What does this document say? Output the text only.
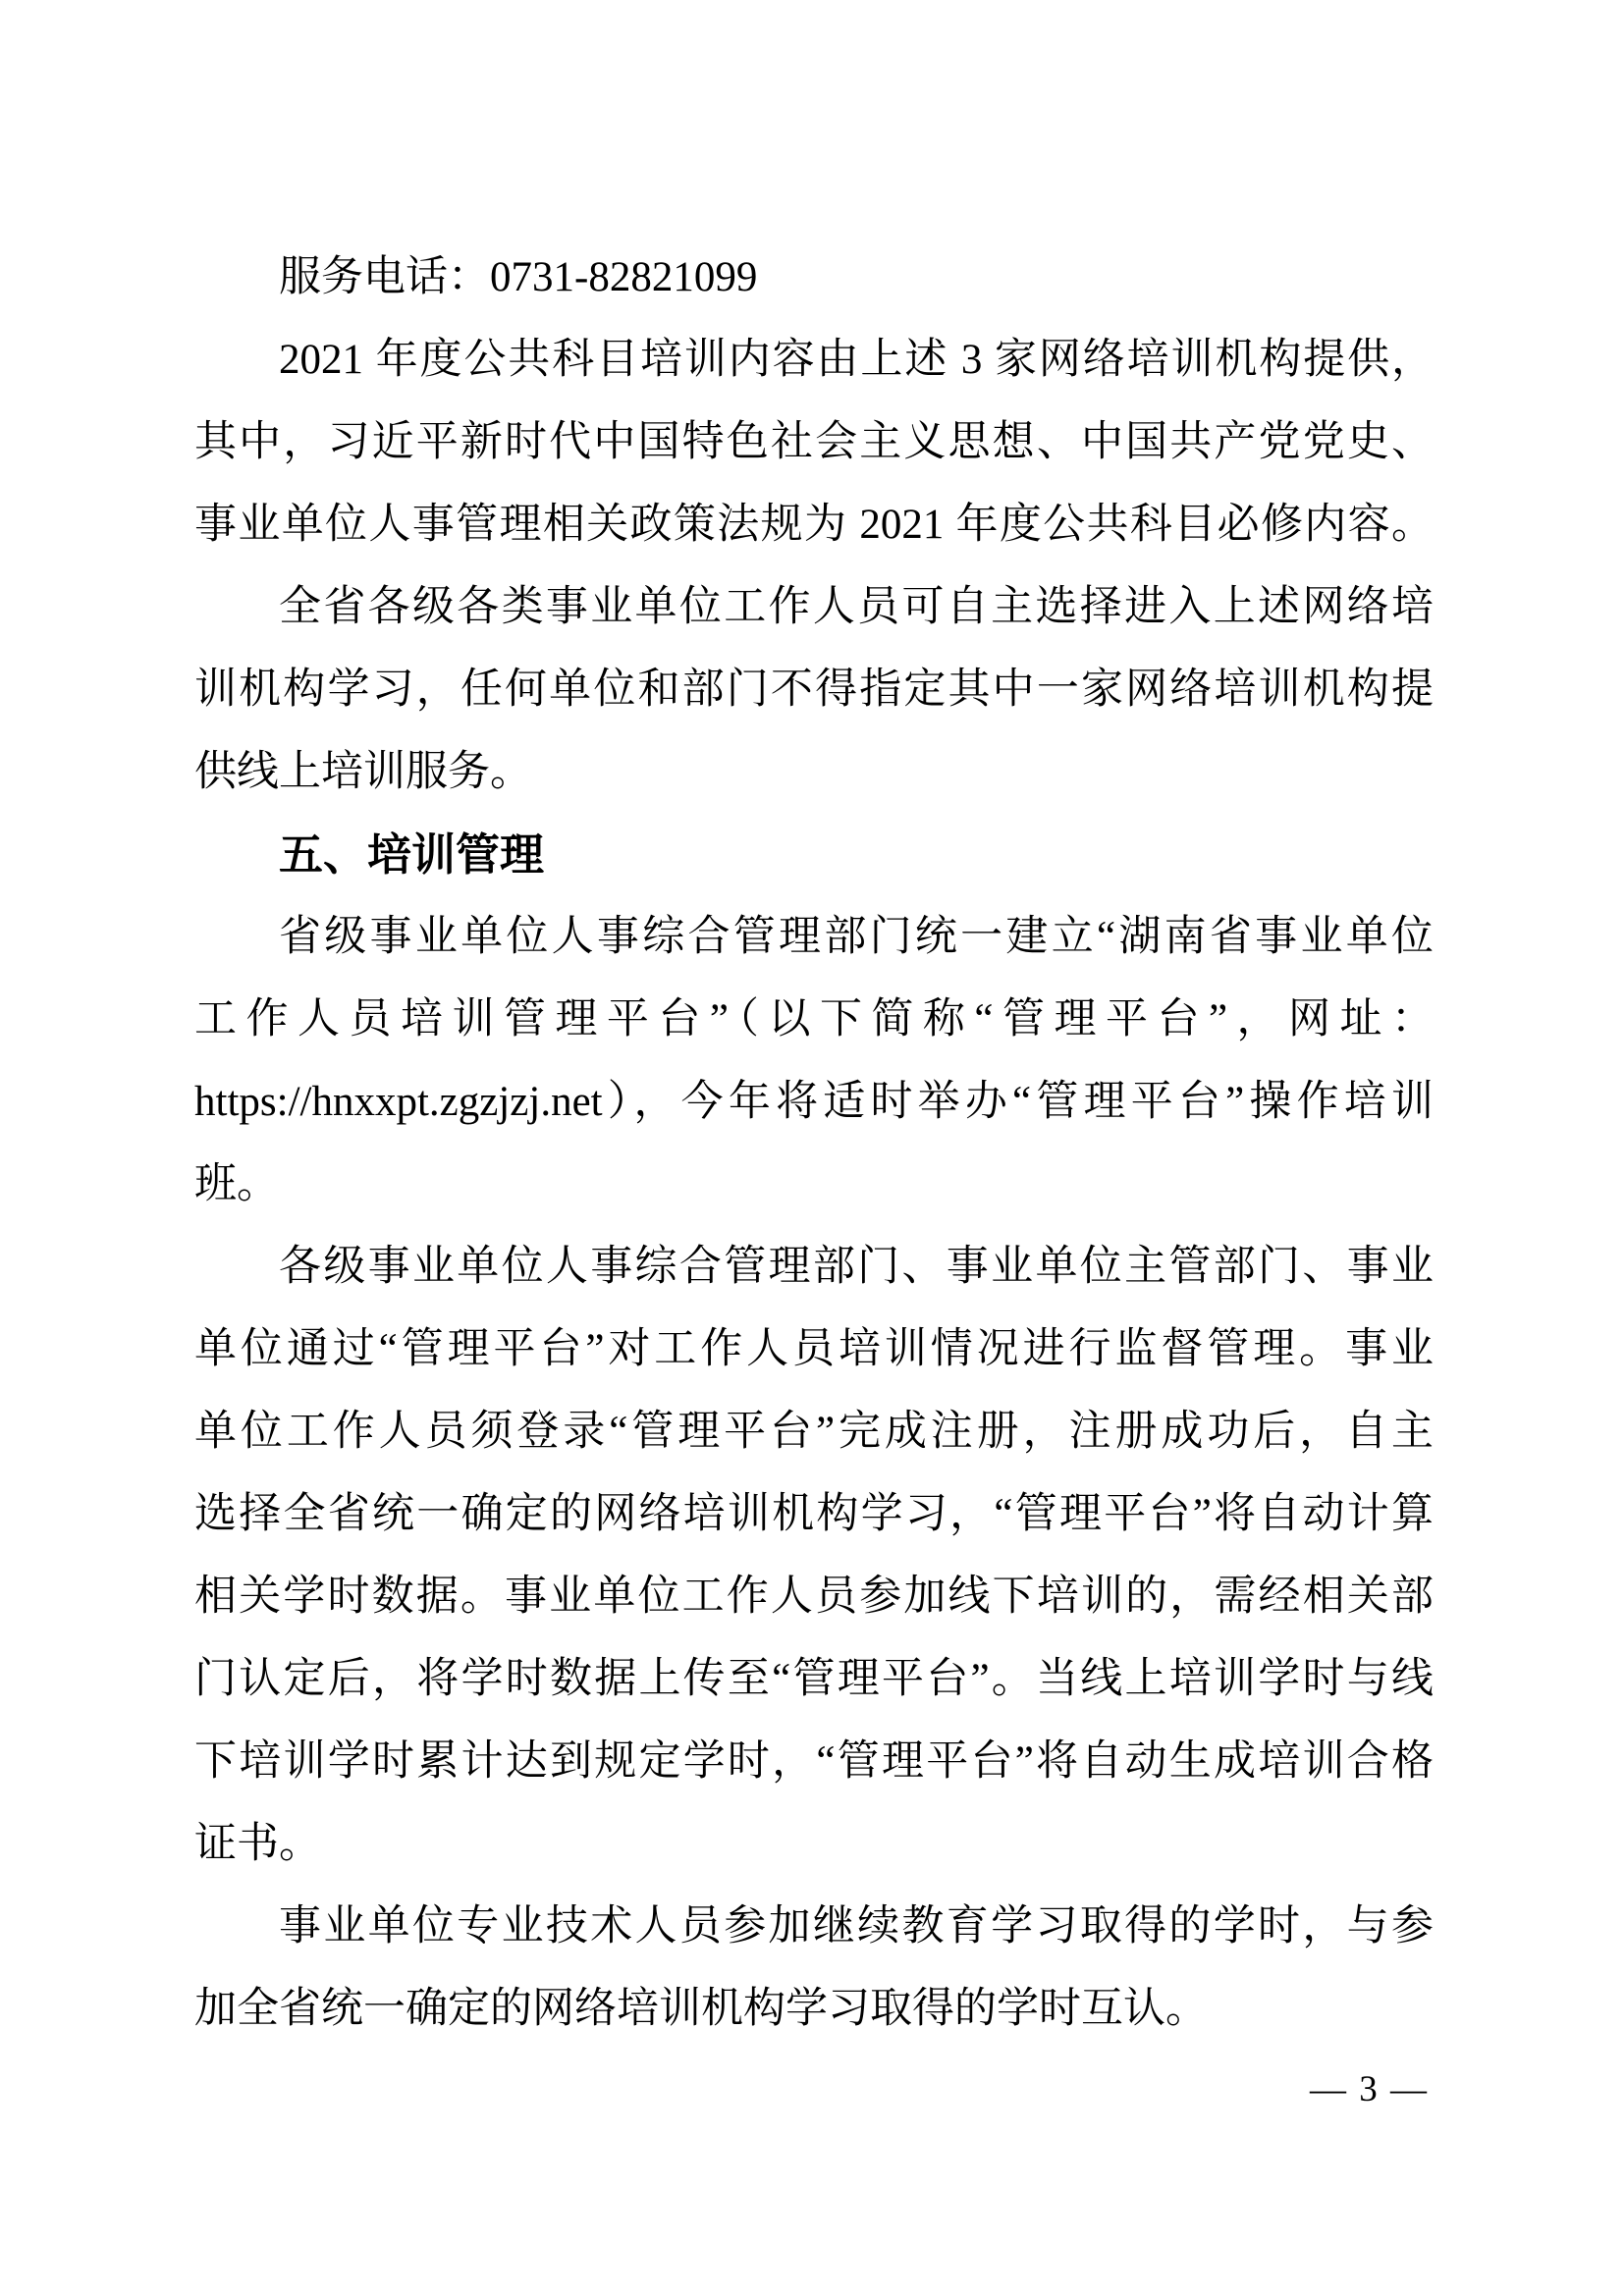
服务电话：0731-82821099
2021 年度公共科目培训内容由上述 3 家网络培训机构提供，
其中，习近平新时代中国特色社会主义思想、中国共产党党史、
事业单位人事管理相关政策法规为 2021 年度公共科目必修内容。
全省各级各类事业单位工作人员可自主选择进入上述网络培
训机构学习，任何单位和部门不得指定其中一家网络培训机构提
供线上培训服务。
五、培训管理
省级事业单位人事综合管理部门统一建立“湖南省事业单位
工作人员培训管理平台”（以下简称“管理平台”，网址：
https://hnxxpt.zgzjzj.net），今年将适时举办“管理平台”操作培训
班。
各级事业单位人事综合管理部门、事业单位主管部门、事业
单位通过“管理平台”对工作人员培训情况进行监督管理。事业
单位工作人员须登录“管理平台”完成注册，注册成功后，自主
选择全省统一确定的网络培训机构学习，“管理平台”将自动计算
相关学时数据。事业单位工作人员参加线下培训的，需经相关部
门认定后，将学时数据上传至“管理平台”。当线上培训学时与线
下培训学时累计达到规定学时，“管理平台”将自动生成培训合格
证书。
事业单位专业技术人员参加继续教育学习取得的学时，与参
加全省统一确定的网络培训机构学习取得的学时互认。
— 3 —
